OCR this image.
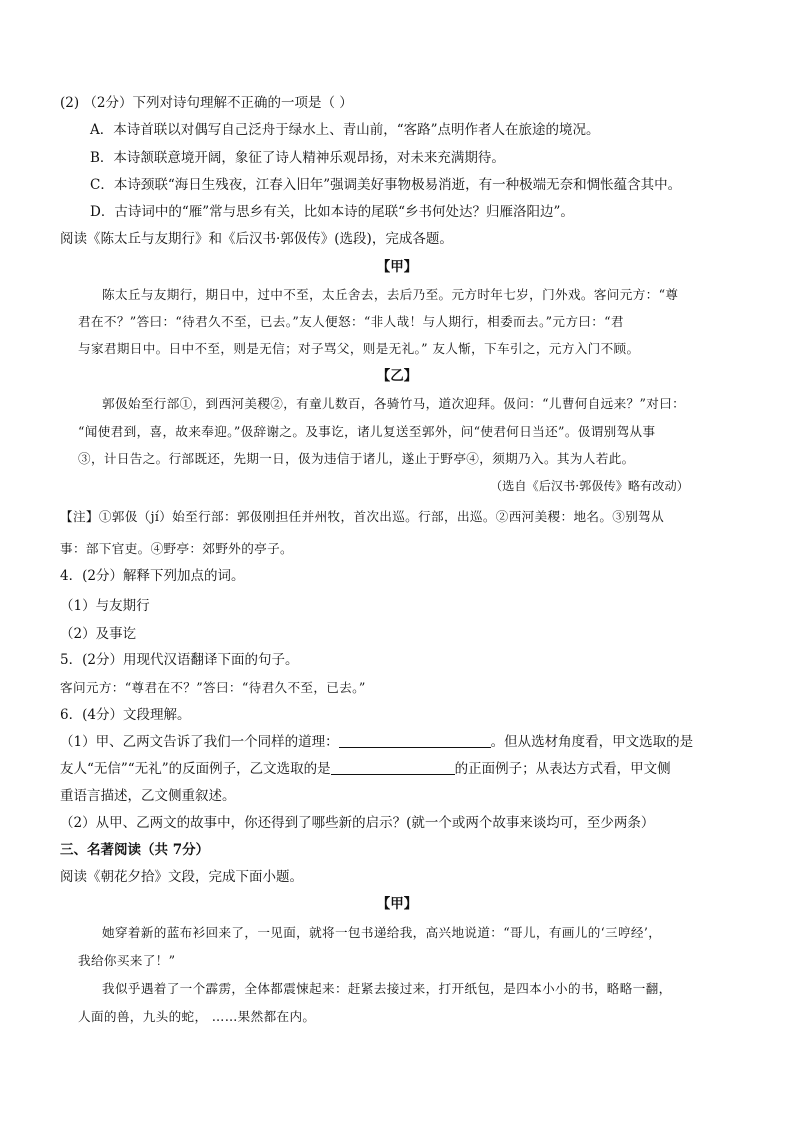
(2) （2分）下列对诗句理解不正确的一项是（ ）
A．本诗首联以对偶写自己泛舟于绿水上、青山前，“客路”点明作者人在旅途的境况。
B．本诗颔联意境开阔，象征了诗人精神乐观昂扬，对未来充满期待。
C．本诗颈联“海日生残夜，江春入旧年”强调美好事物极易消逝，有一种极端无奈和惆怅蕴含其中。
D．古诗词中的“雁”常与思乡有关，比如本诗的尾联“乡书何处达？归雁洛阳边”。
阅读《陈太丘与友期行》和《后汉书·郭伋传》(选段)，完成各题。
【甲】
陈太丘与友期行，期日中，过中不至，太丘舍去，去后乃至。元方时年七岁，门外戏。客问元方：“尊
君在不？”答曰：“待君久不至，已去。”友人便怒：“非人哉！与人期行，相委而去。”元方曰：“君
与家君期日中。日中不至，则是无信；对子骂父，则是无礼。” 友人惭，下车引之，元方入门不顾。
【乙】
郭伋始至行部①，到西河美稷②，有童儿数百，各骑竹马，道次迎拜。伋问：“儿曹何自远来？”对曰：
“闻使君到，喜，故来奉迎。”伋辞谢之。及事讫，诸儿复送至郭外，问“使君何日当还”。伋谓别驾从事
③，计日告之。行部既还，先期一日，伋为违信于诸儿，遂止于野亭④，须期乃入。其为人若此。
（选自《后汉书·郭伋传》略有改动）
【注】①郭伋（jí）始至行部：郭伋刚担任并州牧，首次出巡。行部，出巡。②西河美稷：地名。③别驾从
事：部下官吏。④野亭：郊野外的亭子。
4．(2分）解释下列加点的词。
（1）与友期行
（2）及事讫
5．(2分）用现代汉语翻译下面的句子。
客问元方：“尊君在不？”答曰：“待君久不至，已去。”
6．(4分）文段理解。
（1）甲、乙两文告诉了我们一个同样的道理：	。但从选材角度看，甲文选取的是
友人“无信”“无礼”的反面例子，乙文选取的是	的正面例子；从表达方式看，甲文侧
重语言描述，乙文侧重叙述。
（2）从甲、乙两文的故事中，你还得到了哪些新的启示？(就一个或两个故事来谈均可，至少两条）
三、名著阅读（共 7分）
阅读《朝花夕拾》文段，完成下面小题。
【甲】
她穿着新的蓝布衫回来了，一见面，就将一包书递给我，高兴地说道：“哥儿，有画儿的‘三哼经’，
我给你买来了！”
我似乎遇着了一个霹雳，全体都震悚起来：赶紧去接过来，打开纸包，是四本小小的书，略略一翻，
人面的兽，九头的蛇， ……果然都在内。
